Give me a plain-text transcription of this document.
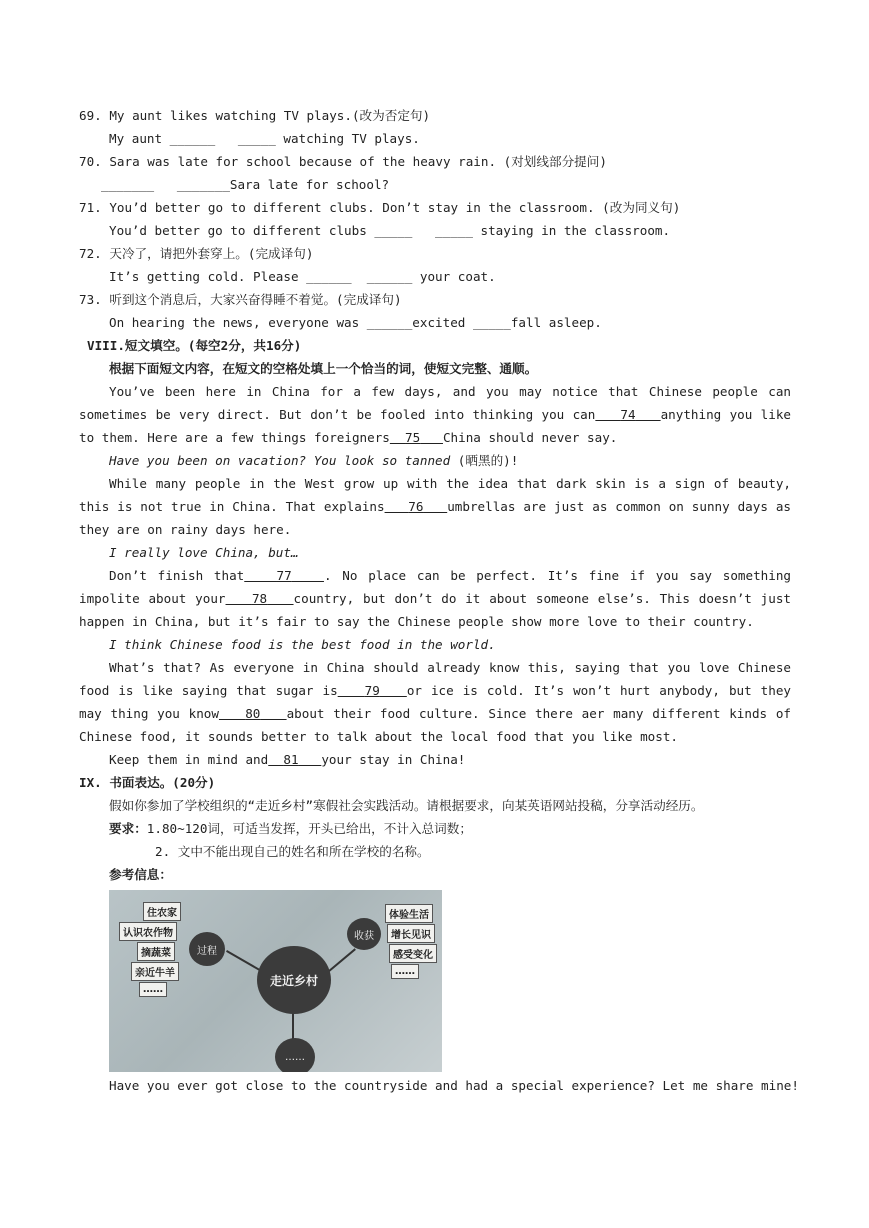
69. My aunt likes watching TV plays.(改为否定句)
My aunt ______   _____ watching TV plays.
70. Sara was late for school because of the heavy rain. (对划线部分提问)
_______   _______Sara late for school?
71. You’d better go to different clubs. Don’t stay in the classroom. (改为同义句)
You’d better go to different clubs _____   _____ staying in the classroom.
72. 天冷了，请把外套穿上。(完成译句)
It’s getting cold. Please ______  ______ your coat.
73. 听到这个消息后，大家兴奋得睡不着觉。(完成译句)
On hearing the news, everyone was ______excited _____fall asleep.
VIII.短文填空。(每空2分，共16分)
根据下面短文内容，在短文的空格处填上一个恰当的词，使短文完整、通顺。
You’ve been here in China for a few days, and you may notice that Chinese people can sometimes be very direct. But don’t be fooled into thinking you can 74 anything you like to them. Here are a few things foreigners 75 China should never say.
Have you been on vacation? You look so tanned (晒黑的)!
While many people in the West grow up with the idea that dark skin is a sign of beauty, this is not true in China. That explains 76 umbrellas are just as common on sunny days as they are on rainy days here.
I really love China, but…
Don’t finish that	77	. No place can be perfect. It’s fine if you say something impolite about your 78 country, but don’t do it about someone else’s. This doesn’t just happen in China, but it’s fair to say the Chinese people show more love to their country.
I think Chinese food is the best food in the world.
What’s that? As everyone in China should already know this, saying that you love Chinese food is like saying that sugar is 79 or ice is cold. It’s won’t hurt anybody, but they may thing you know 80 about their food culture. Since there aer many different kinds of Chinese food, it sounds better to talk about the local food that you like most.
Keep them in mind and 81 your stay in China!
IX. 书面表达。(20分)
假如你参加了学校组织的“走近乡村”寒假社会实践活动。请根据要求，向某英语网站投稿，分享活动经历。
要求：1.80~120词，可适当发挥，开头已给出，不计入总词数；
2. 文中不能出现自己的姓名和所在学校的名称。
参考信息：
住农家
认识农作物
摘蔬菜
亲近牛羊
……
过程
走近乡村
收获
……
体验生活
增长见识
感受变化
……
Have you ever got close to the countryside and had a special experience? Let me share mine!
